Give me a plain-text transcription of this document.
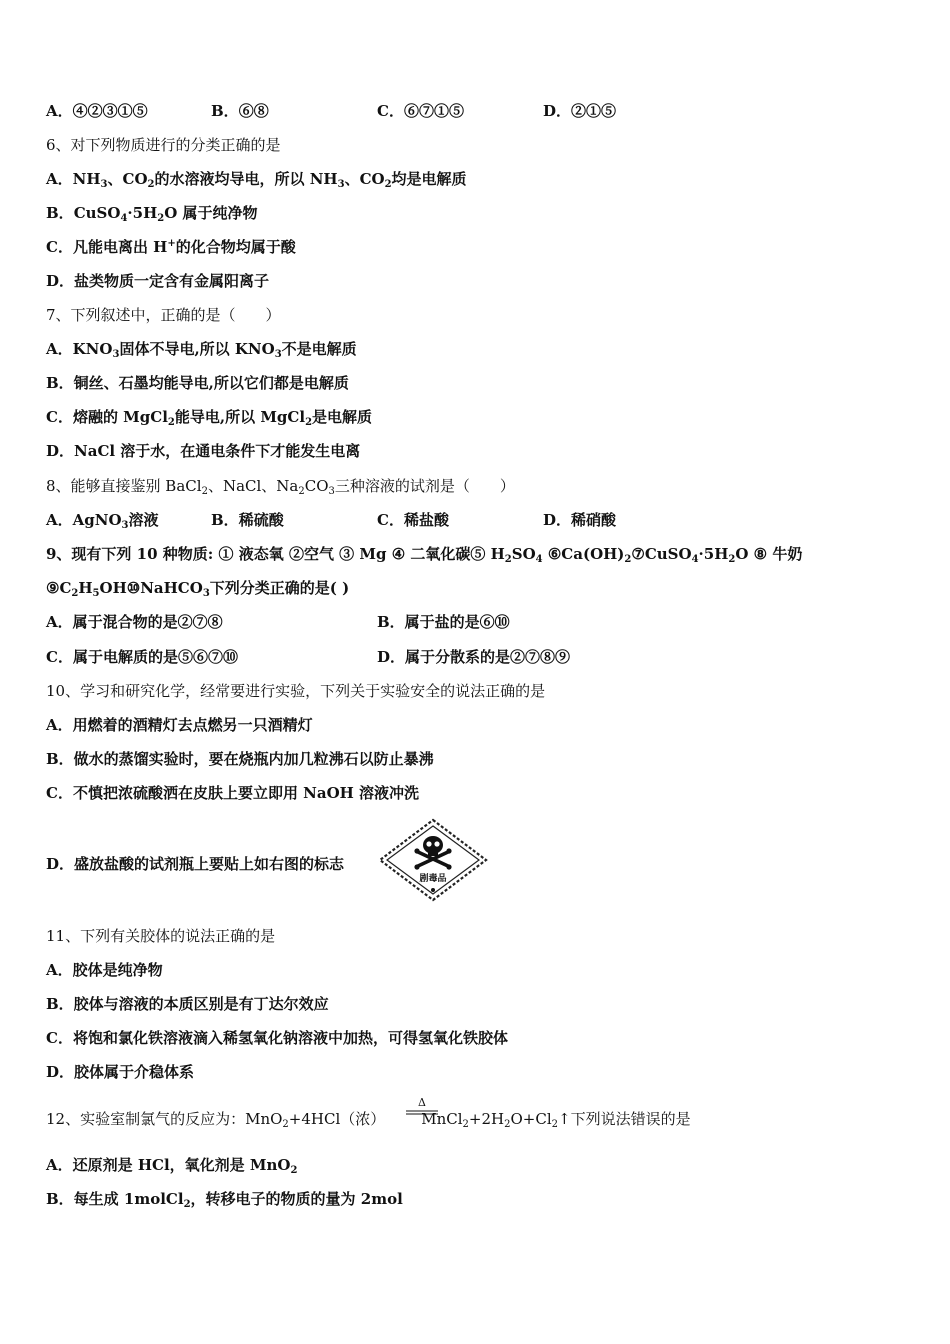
A．④②③①⑤	B．⑥⑧	C．⑥⑦①⑤	D．②①⑤
6、对下列物质进行的分类正确的是
A．$NH_3$、$CO_2$的水溶液均导电，所以 $NH_3$、$CO_2$均是电解质
B．$CuSO_4\cdot 5H_2O$ 属于纯净物
C．凡能电离出 H+的化合物均属于酸
D．盐类物质一定含有金属阳离子
7、下列叙述中，正确的是（　　）
A．$KNO_3$固体不导电,所以 $KNO_3$不是电解质
B．铜丝、石墨均能导电,所以它们都是电解质
C．熔融的 MgCl$_2$能导电,所以 MgCl$_2$是电解质
D．NaCl 溶于水，在通电条件下才能发生电离
8、能够直接鉴别 BaCl$_2$、NaCl、$Na_2CO_3$三种溶液的试剂是（　　）
A．AgNO$_3$溶液	B．稀硫酸	C．稀盐酸	D．稀硝酸
9、现有下列 10 种物质: ① 液态氧 ②空气 ③ Mg ④ 二氧化碳⑤ $H_2SO_4$ $⑥Ca(OH)_2⑦CuSO_4\cdot 5H_2O$ ⑧ 牛奶
$⑨C_2H_5OH⑩NaHCO_3$下列分类正确的是( )
A．属于混合物的是②⑦⑧	B．属于盐的是⑥⑩
C．属于电解质的是⑤⑥⑦⑩	D．属于分散系的是②⑦⑧⑨
10、学习和研究化学，经常要进行实验，下列关于实验安全的说法正确的是
A．用燃着的酒精灯去点燃另一只酒精灯
B．做水的蒸馏实验时，要在烧瓶内加几粒沸石以防止暴沸
C．不慎把浓硫酸洒在皮肤上要立即用 NaOH 溶液冲洗
D．盛放盐酸的试剂瓶上要贴上如右图的标志
剧毒品
11、下列有关胶体的说法正确的是
A．胶体是纯净物
B．胶体与溶液的本质区别是有丁达尔效应
C．将饱和氯化铁溶液滴入稀氢氧化钠溶液中加热，可得氢氧化铁胶体
D．胶体属于介稳体系
12、实验室制氯气的反应为：MnO$_2$+4HCl（浓） $MnCl_2+2H_2O+Cl_2↑$下列说法错误的是
Δ
A．还原剂是 HCl，氧化剂是 MnO$_2$
B．每生成 1molCl$_2$，转移电子的物质的量为 2mol
